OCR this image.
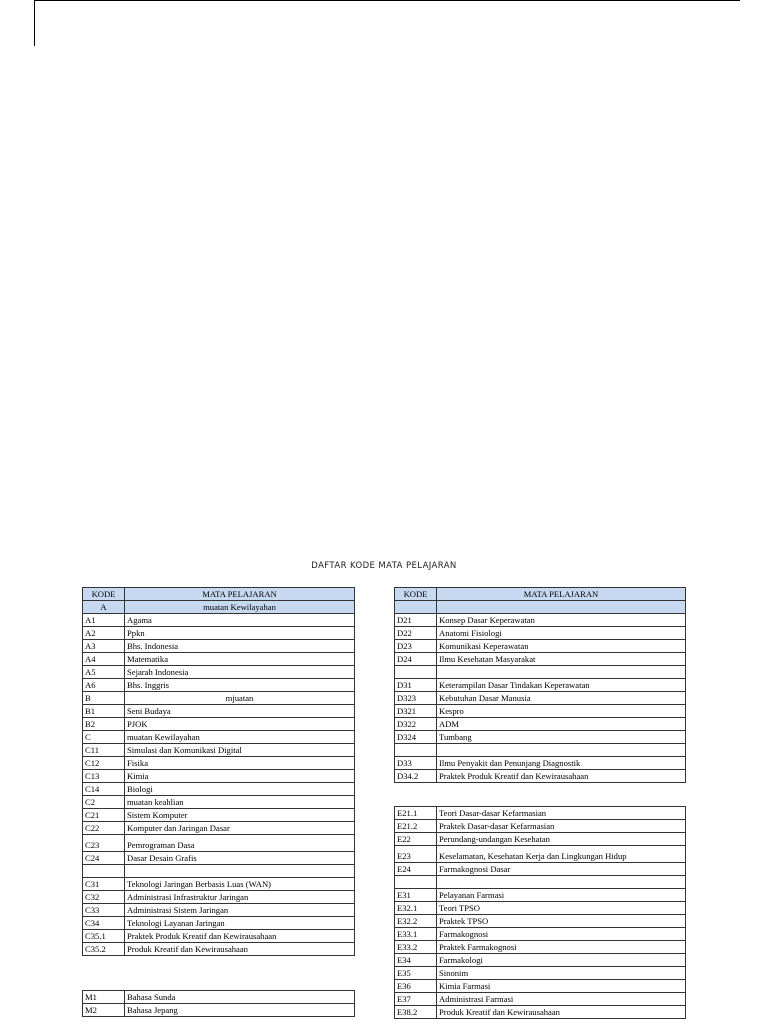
DAFTAR KODE MATA PELAJARAN
KODE	MATA PELAJARAN
A	muatan Kewilayahan
A1	Agama
A2	Ppkn
A3	Bhs. Indonesia
A4	Matematika
A5	Sejarah Indonesia
A6	Bhs. Inggris
B	mjuatan
B1	Seni Budaya
B2	PJOK
C	muatan Kewilayahan
C11	Simulasi dan Komunikasi Digital
C12	Fisika
C13	Kimia
C14	Biologi
C2	muatan keahlian
C21	Sistem Komputer
C22	Komputer dan Jaringan Dasar
C23	Pemrograman Dasa
C24	Dasar Desain Grafis

C31	Teknologi Jaringan Berbasis Luas (WAN)
C32	Administrasi Infrastruktur Jaringan
C33	Administrasi Sistem Jaringan
C34	Teknologi Layanan Jaringan
C35.1	Praktek Produk Kreatif dan Kewirausahaan
C35.2	Produk Kreatif dan Kewirausahaan
M1	Bahasa Sunda
M2	Bahasa Jepang
KODE	MATA PELAJARAN

D21	Konsep Dasar Keperawatan
D22	Anatomi Fisiologi
D23	Komunikasi Keperawatan
D24	Ilmu Kesehatan Masyarakat

D31	Keterampilan Dasar Tindakan Keperawatan
D323	Kebutuhan Dasar Manusia
D321	Kespro
D322	ADM
D324	Tumbang

D33	Ilmu Penyakit dan Penunjang Diagnostik
D34.2	Praktek Produk Kreatif dan Kewirausahaan
E21.1	Teori Dasar-dasar Kefarmasian
E21.2	Praktek Dasar-dasar Kefarmasian
E22	Perundang-undangan Kesehatan
E23	Keselamatan, Kesehatan Kerja dan Lingkungan Hidup
E24	Farmakognosi Dasar

E31	Pelayanan Farmasi
E32.1	Teori TPSO
E32.2	Praktek TPSO
E33.1	Farmakognosi
E33.2	Praktek Farmakognosi
E34	Farmakologi
E35	Sinonim
E36	Kimia Farmasi
E37	Administrasi Farmasi
E38.2	Produk Kreatif dan Kewirausahaan
